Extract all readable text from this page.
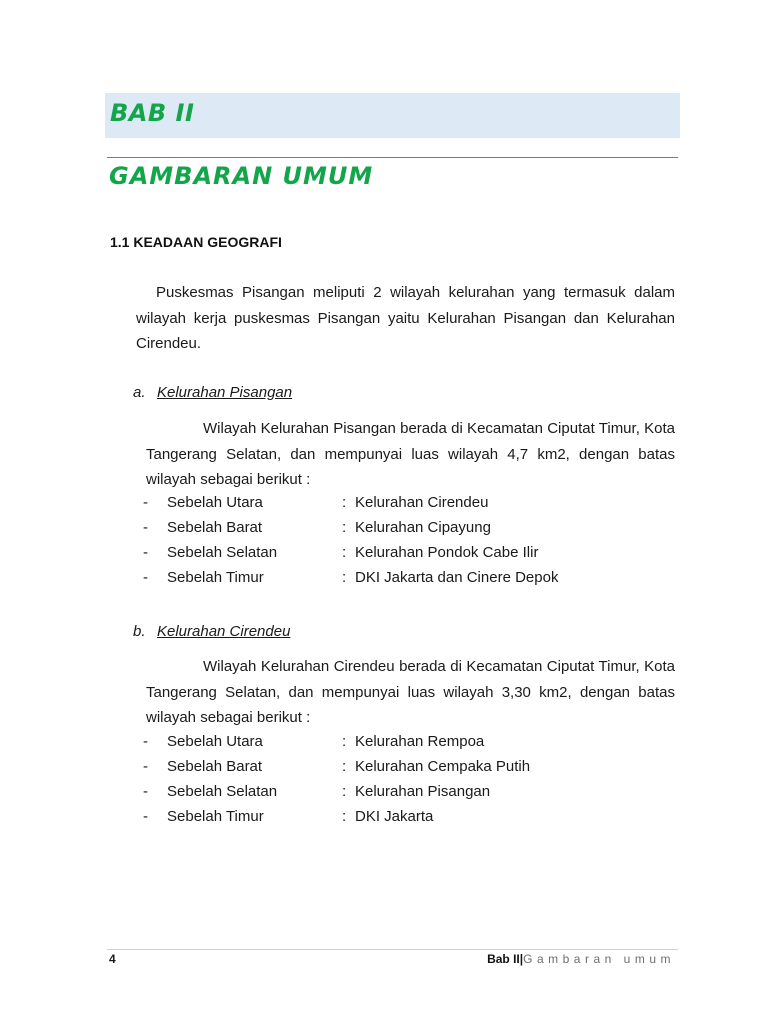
BAB II
GAMBARAN UMUM
1.1 KEADAAN GEOGRAFI

Puskesmas Pisangan meliputi 2 wilayah kelurahan yang termasuk dalam wilayah kerja puskesmas Pisangan yaitu Kelurahan Pisangan dan Kelurahan Cirendeu.

a. Kelurahan Pisangan

Wilayah Kelurahan Pisangan berada di Kecamatan Ciputat Timur, Kota Tangerang Selatan, dan mempunyai luas wilayah 4,7 km2, dengan batas wilayah sebagai berikut :

- Sebelah Utara	: Kelurahan Cirendeu
- Sebelah Barat	: Kelurahan Cipayung
- Sebelah Selatan	: Kelurahan Pondok Cabe Ilir
- Sebelah Timur	: DKI Jakarta dan Cinere Depok
b. Kelurahan Cirendeu

Wilayah Kelurahan Cirendeu berada di Kecamatan Ciputat Timur, Kota Tangerang Selatan, dan mempunyai luas wilayah 3,30 km2, dengan batas wilayah sebagai berikut :

- Sebelah Utara	: Kelurahan Rempoa
- Sebelah Barat	: Kelurahan Cempaka Putih
- Sebelah Selatan	: Kelurahan Pisangan
- Sebelah Timur	: DKI Jakarta
4	Bab II|Gambaran umum
